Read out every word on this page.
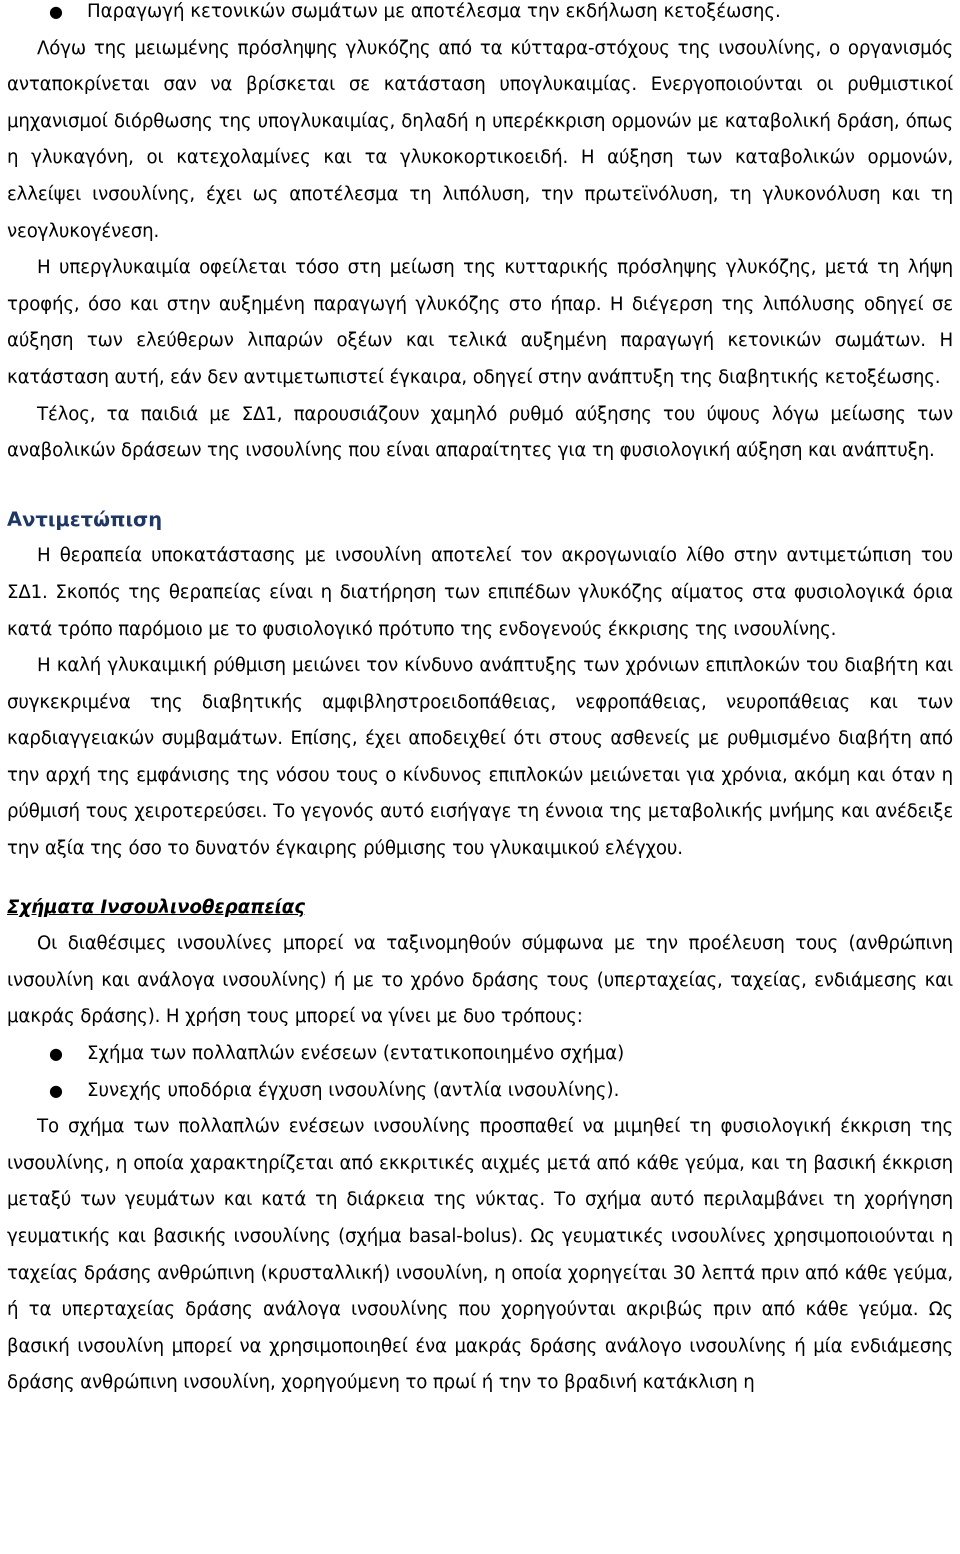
●	Παραγωγή κετονικών σωμάτων με αποτέλεσμα την εκδήλωση κετοξέωσης.

Λόγω της μειωμένης πρόσληψης γλυκόζης από τα κύτταρα-στόχους της ινσουλίνης, ο οργανισμός ανταποκρίνεται σαν να βρίσκεται σε κατάσταση υπογλυκαιμίας. Ενεργοποιούνται οι ρυθμιστικοί μηχανισμοί διόρθωσης της υπογλυκαιμίας, δηλαδή η υπερέκκριση ορμονών με καταβολική δράση, όπως η γλυκαγόνη, οι κατεχολαμίνες και τα γλυκοκορτικοειδή. Η αύξηση των καταβολικών ορμονών, ελλείψει ινσουλίνης, έχει ως αποτέλεσμα τη λιπόλυση, την πρωτεϊνόλυση, τη γλυκονόλυση και τη νεογλυκογένεση.

Η υπεργλυκαιμία οφείλεται τόσο στη μείωση της κυτταρικής πρόσληψης γλυκόζης, μετά τη λήψη τροφής, όσο και στην αυξημένη παραγωγή γλυκόζης στο ήπαρ. Η διέγερση της λιπόλυσης οδηγεί σε αύξηση των ελεύθερων λιπαρών οξέων και τελικά αυξημένη παραγωγή κετονικών σωμάτων. Η κατάσταση αυτή, εάν δεν αντιμετωπιστεί έγκαιρα, οδηγεί στην ανάπτυξη της διαβητικής κετοξέωσης.

Τέλος, τα παιδιά με ΣΔ1, παρουσιάζουν χαμηλό ρυθμό αύξησης του ύψους λόγω μείωσης των αναβολικών δράσεων της ινσουλίνης που είναι απαραίτητες για τη φυσιολογική αύξηση και ανάπτυξη.

Αντιμετώπιση

Η θεραπεία υποκατάστασης με ινσουλίνη αποτελεί τον ακρογωνιαίο λίθο στην αντιμετώπιση του ΣΔ1. Σκοπός της θεραπείας είναι η διατήρηση των επιπέδων γλυκόζης αίματος στα φυσιολογικά όρια κατά τρόπο παρόμοιο με το φυσιολογικό πρότυπο της ενδογενούς έκκρισης της ινσουλίνης.

Η καλή γλυκαιμική ρύθμιση μειώνει τον κίνδυνο ανάπτυξης των χρόνιων επιπλοκών του διαβήτη και συγκεκριμένα της διαβητικής αμφιβληστροειδοπάθειας, νεφροπάθειας, νευροπάθειας και των καρδιαγγειακών συμβαμάτων. Επίσης, έχει αποδειχθεί ότι στους ασθενείς με ρυθμισμένο διαβήτη από την αρχή της εμφάνισης της νόσου τους ο κίνδυνος επιπλοκών μειώνεται για χρόνια, ακόμη και όταν η ρύθμισή τους χειροτερεύσει. Το γεγονός αυτό εισήγαγε τη έννοια της μεταβολικής μνήμης και ανέδειξε την αξία της όσο το δυνατόν έγκαιρης ρύθμισης του γλυκαιμικού ελέγχου.

Σχήματα Ινσουλινοθεραπείας

Οι διαθέσιμες ινσουλίνες μπορεί να ταξινομηθούν σύμφωνα με την προέλευση τους (ανθρώπινη ινσουλίνη και ανάλογα ινσουλίνης) ή με το χρόνο δράσης τους (υπερταχείας, ταχείας, ενδιάμεσης και μακράς δράσης). Η χρήση τους μπορεί να γίνει με δυο τρόπους:

●	Σχήμα των πολλαπλών ενέσεων (εντατικοποιημένο σχήμα)
●	Συνεχής υποδόρια έγχυση ινσουλίνης (αντλία ινσουλίνης).

Το σχήμα των πολλαπλών ενέσεων ινσουλίνης προσπαθεί να μιμηθεί τη φυσιολογική έκκριση της ινσουλίνης, η οποία χαρακτηρίζεται από εκκριτικές αιχμές μετά από κάθε γεύμα, και τη βασική έκκριση μεταξύ των γευμάτων και κατά τη διάρκεια της νύκτας. Το σχήμα αυτό περιλαμβάνει τη χορήγηση γευματικής και βασικής ινσουλίνης (σχήμα basal-bolus). Ως γευματικές ινσουλίνες χρησιμοποιούνται η ταχείας δράσης ανθρώπινη (κρυσταλλική) ινσουλίνη, η οποία χορηγείται 30 λεπτά πριν από κάθε γεύμα, ή τα υπερταχείας δράσης ανάλογα ινσουλίνης που χορηγούνται ακριβώς πριν από κάθε γεύμα. Ως βασική ινσουλίνη μπορεί να χρησιμοποιηθεί ένα μακράς δράσης ανάλογο ινσουλίνης ή μία ενδιάμεσης δράσης ανθρώπινη ινσουλίνη, χορηγούμενη το πρωί ή την το βραδινή κατάκλιση η
